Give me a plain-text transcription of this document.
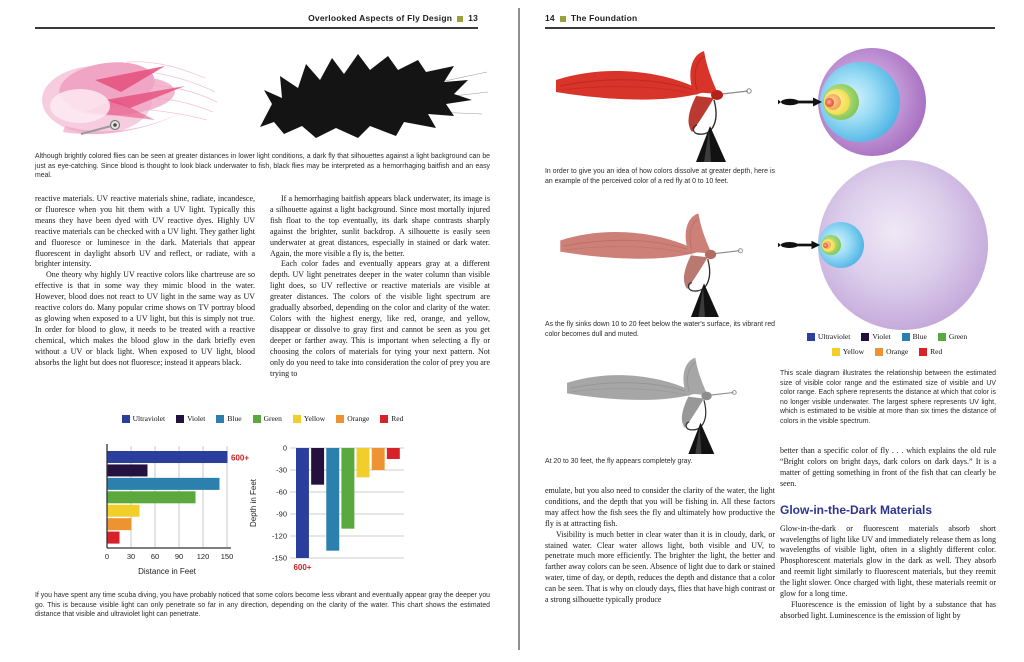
Overlooked Aspects of Fly Design 13
Although brightly colored flies can be seen at greater distances in lower light conditions, a dark fly that silhouettes against a light background can be just as eye-catching. Since blood is thought to look black underwater to fish, black flies may be interpreted as a hemorrhaging baitfish and an easy meal.

reactive materials. UV reactive materials shine, radiate, incandesce, or fluoresce when you hit them with a UV light. Typically this means they have been dyed with UV reactive dyes. Highly UV reactive materials can be checked with a UV light. They gather light and fluoresce or luminesce in the dark. Materials that appear fluorescent in daylight absorb UV and reflect, or radiate, with a brighter intensity.

One theory why highly UV reactive colors like chartreuse are so effective is that in some way they mimic blood in the water. However, blood does not react to UV light in the same way as UV reactive colors do. Many popular crime shows on TV portray blood as glowing when exposed to a UV light, but this is simply not true. In order for blood to glow, it needs to be treated with a reactive chemical, which makes the blood glow in the dark briefly even without a UV or black light. When exposed to UV light, blood absorbs the light but does not fluoresce; instead it appears black.

If a hemorrhaging baitfish appears black underwater, its image is a silhouette against a light background. Since most mortally injured fish float to the top eventually, its dark shape contrasts sharply against the brighter, sunlit backdrop. A silhouette is easily seen underwater at great distances, especially in stained or dark water. Again, the more visible a fly is, the better.

Each color fades and eventually appears gray at a different depth. UV light penetrates deeper in the water column than visible light does, so UV reflective or reactive materials are visible at greater distances. The colors of the visible light spectrum are gradually absorbed, depending on the color and clarity of the water. Colors with the highest energy, like red, orange, and yellow, disappear or dissolve to gray first and cannot be seen as you get deeper or farther away. This is important when selecting a fly or choosing the colors of materials for tying your next pattern. Not only do you need to take into consideration the color of prey you are trying to

Ultraviolet	Violet	Blue	Green	Yellow	Orange	Red
600+
0 30 60 90 120 150
Distance in Feet
0
-30
-60
-90
-120
-150
600+
Depth in Feet
If you have spent any time scuba diving, you have probably noticed that some colors become less vibrant and eventually appear gray the deeper you go. This is because visible light can only penetrate so far in any direction, depending on the clarity of the water. This chart shows the estimated distance that visible and ultraviolet light can penetrate.
14 The Foundation
In order to give you an idea of how colors dissolve at greater depth, here is an example of the perceived color of a red fly at 0 to 10 feet.
As the fly sinks down 10 to 20 feet below the water's surface, its vibrant red color becomes dull and muted.
At 20 to 30 feet, the fly appears completely gray.

emulate, but you also need to consider the clarity of the water, the light conditions, and the depth that you will be fishing in. All these factors may affect how the fish sees the fly and ultimately how productive the fly is at attracting fish.

Visibility is much better in clear water than it is in cloudy, dark, or stained water. Clear water allows light, both visible and UV, to penetrate much more efficiently. The brighter the light, the better and farther away colors can be seen. Absence of light due to dark or stained water, time of day, or depth, reduces the depth and distance that a color can be seen. That is why on cloudy days, flies that have high contrast or a strong silhouette typically produce

Ultraviolet	Violet	Blue	Green
Yellow	Orange	Red
This scale diagram illustrates the relationship between the estimated size of visible color range and the estimated size of visible and UV color range. Each sphere represents the distance at which that color is no longer visible underwater. The largest sphere represents UV light, which is estimated to be visible at more than six times the distance of colors in the visible spectrum.

better than a specific color of fly . . . which explains the old rule “Bright colors on bright days, dark colors on dark days.” It is a matter of getting something in front of the fish that can clearly be seen.

Glow-in-the-Dark Materials

Glow-in-the-dark or fluorescent materials absorb short wavelengths of light like UV and immediately release them as long wavelengths of visible light, often in a slightly different color. Phosphorescent materials glow in the dark as well. They absorb and reemit light similarly to fluorescent materials, but they reemit the light slower. Once charged with light, these materials reemit or glow for a long time.

Fluorescence is the emission of light by a substance that has absorbed light. Luminescence is the emission of light by
